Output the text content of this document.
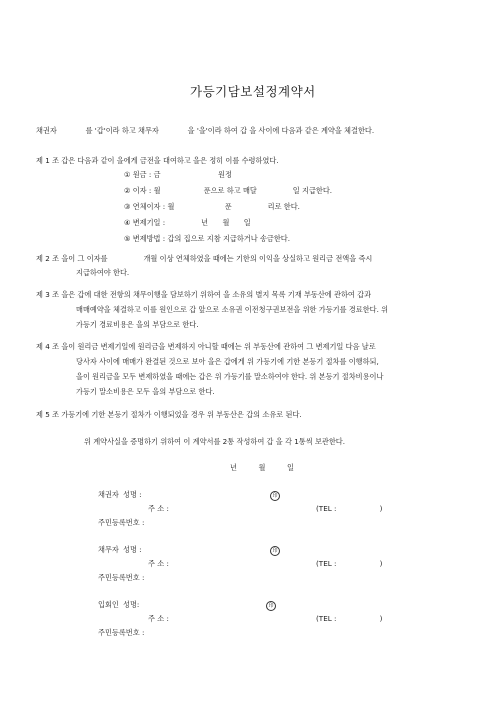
가등기담보설정계약서
채권자　　　　를 '갑'이라 하고 채무자　　　　을 '을'이라 하여 갑 을 사이에 다음과 같은 계약을 체결한다.
제 1 조 갑은 다음과 같이 을에게 금전을 대여하고 을은 정히 이를 수령하였다.
① 원금 : 금　　　　　　　　원정
② 이자 : 월　　　　　　푼으로 하고 매달　　　　　일 지급한다.
③ 연체이자 : 월　　　　　　　푼　　　　　리로 한다.
④ 변제기일 :　　　　　년　　월　　일
⑤ 변제방법 : 갑의 집으로 지참 지급하거나 송금한다.
제 2 조 을이 그 이자를　　　　　개월 이상 연체하였을 때에는 기한의 이익을 상실하고 원리금 전액을 즉시
지급하여야 한다.
제 3 조 을은 갑에 대한 전항의 채무이행을 담보하기 위하여 을 소유의 별지 목록 기재 부동산에 관하여 갑과
매매예약을 체결하고 이를 원인으로 갑 앞으로 소유권 이전청구권보전을 위한 가등기를 경료한다. 위
가등기 경료비용은 을의 부담으로 한다.
제 4 조 을이 원리금 변제기일에 원리금을 변제하지 아니할 때에는 위 부동산에 관하여 그 변제기일 다음 날로
당사자 사이에 매매가 완결된 것으로 보아 을은 갑에게 위 가등기에 기한 본등기 절차를 이행하되,
을이 원리금을 모두 변제하였을 때에는 갑은 위 가등기를 말소하여야 한다. 위 본등기 절차비용이나
가등기 말소비용은 모두 을의 부담으로 한다.
제 5 조 가등기에 기한 본등기 절차가 이행되었을 경우 위 부동산은 갑의 소유로 된다.
위 계약사실을 증명하기 위하여 이 계약서를 2통 작성하여 갑 을 각 1통씩 보관한다.
년　　　월　　　일
채권자 성명 :	印
주 소 :	(TEL :　　　　　　)
주민등록번호 :
채무자 성명 :	印
주 소 :	(TEL :　　　　　　)
주민등록번호 :
입회인 성명:	印
주 소 :	(TEL :　　　　　　)
주민등록번호 :
